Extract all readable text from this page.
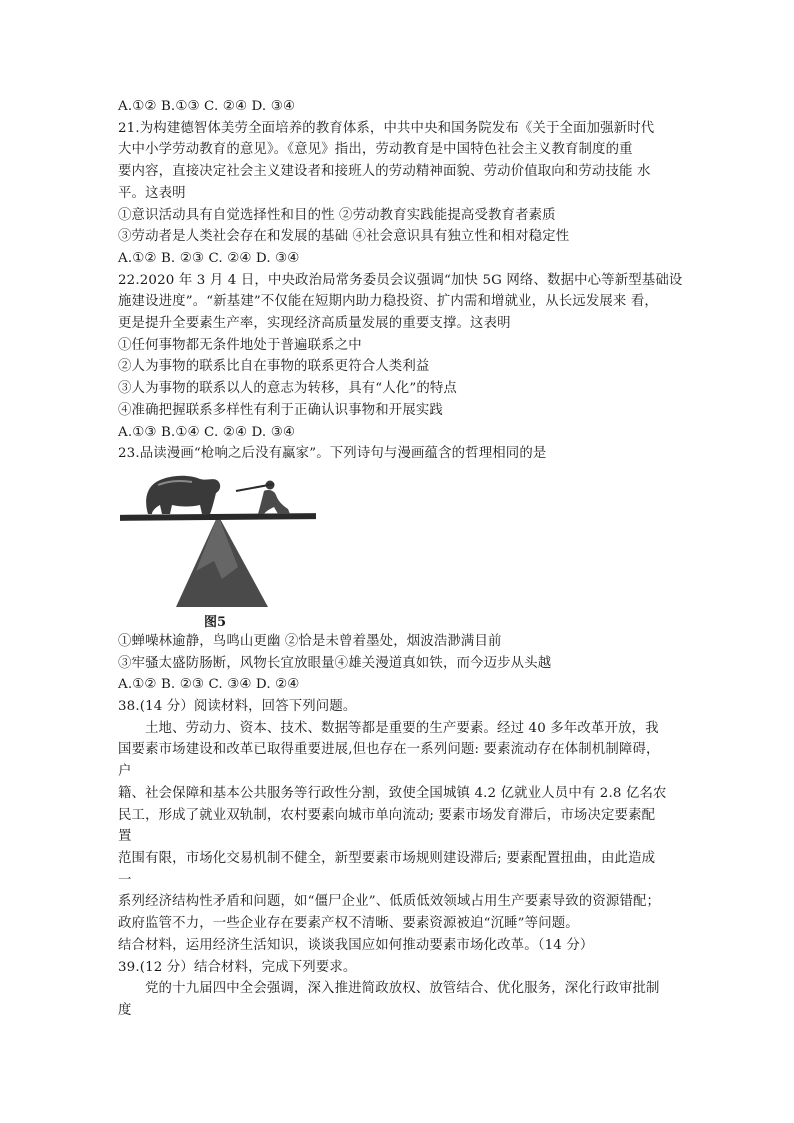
A.①② B.①③ C. ②④ D. ③④
21.为构建德智体美劳全面培养的教育体系，中共中央和国务院发布《关于全面加强新时代
大中小学劳动教育的意见》。《意见》指出，劳动教育是中国特色社会主义教育制度的重
要内容，直接决定社会主义建设者和接班人的劳动精神面貌、劳动价值取向和劳动技能 水
平。这表明
①意识活动具有自觉选择性和目的性 ②劳动教育实践能提高受教育者素质
③劳动者是人类社会存在和发展的基础 ④社会意识具有独立性和相对稳定性
A.①② B. ②③ C. ②④ D. ③④
22.2020 年 3 月 4 日，中央政治局常务委员会议强调“加快 5G 网络、数据中心等新型基础设
施建设进度”。“新基建”不仅能在短期内助力稳投资、扩内需和增就业，从长远发展来 看，
更是提升全要素生产率，实现经济高质量发展的重要支撑。这表明
①任何事物都无条件地处于普遍联系之中
②人为事物的联系比自在事物的联系更符合人类利益
③人为事物的联系以人的意志为转移，具有“人化”的特点
④准确把握联系多样性有利于正确认识事物和开展实践
A.①③ B.①④ C. ②④ D. ③④
23.品读漫画“枪响之后没有赢家”。下列诗句与漫画蕴含的哲理相同的是
图5
①蝉噪林逾静，鸟鸣山更幽 ②恰是未曾着墨处，烟波浩渺满目前
③牢骚太盛防肠断，风物长宜放眼量④雄关漫道真如铁，而今迈步从头越
A.①② B. ②③ C. ③④ D. ②④
38.(14 分）阅读材料，回答下列问题。
土地、劳动力、资本、技术、数据等都是重要的生产要素。经过 40 多年改革开放，我
国要素市场建设和改革已取得重要进展,但也存在一系列问题: 要素流动存在体制机制障碍，
户
籍、社会保障和基本公共服务等行政性分割，致使全国城镇 4.2 亿就业人员中有 2.8 亿名农
民工，形成了就业双轨制，农村要素向城市单向流动; 要素市场发育滞后，市场决定要素配
置
范围有限，市场化交易机制不健全，新型要素市场规则建设滞后; 要素配置扭曲，由此造成
一
系列经济结构性矛盾和问题，如“僵尸企业”、低质低效领域占用生产要素导致的资源错配；
政府监管不力，一些企业存在要素产权不清晰、要素资源被迫“沉睡”等问题。
结合材料，运用经济生活知识，谈谈我国应如何推动要素市场化改革。（14 分）
39.(12 分）结合材料，完成下列要求。
党的十九届四中全会强调，深入推进简政放权、放管结合、优化服务，深化行政审批制
度
